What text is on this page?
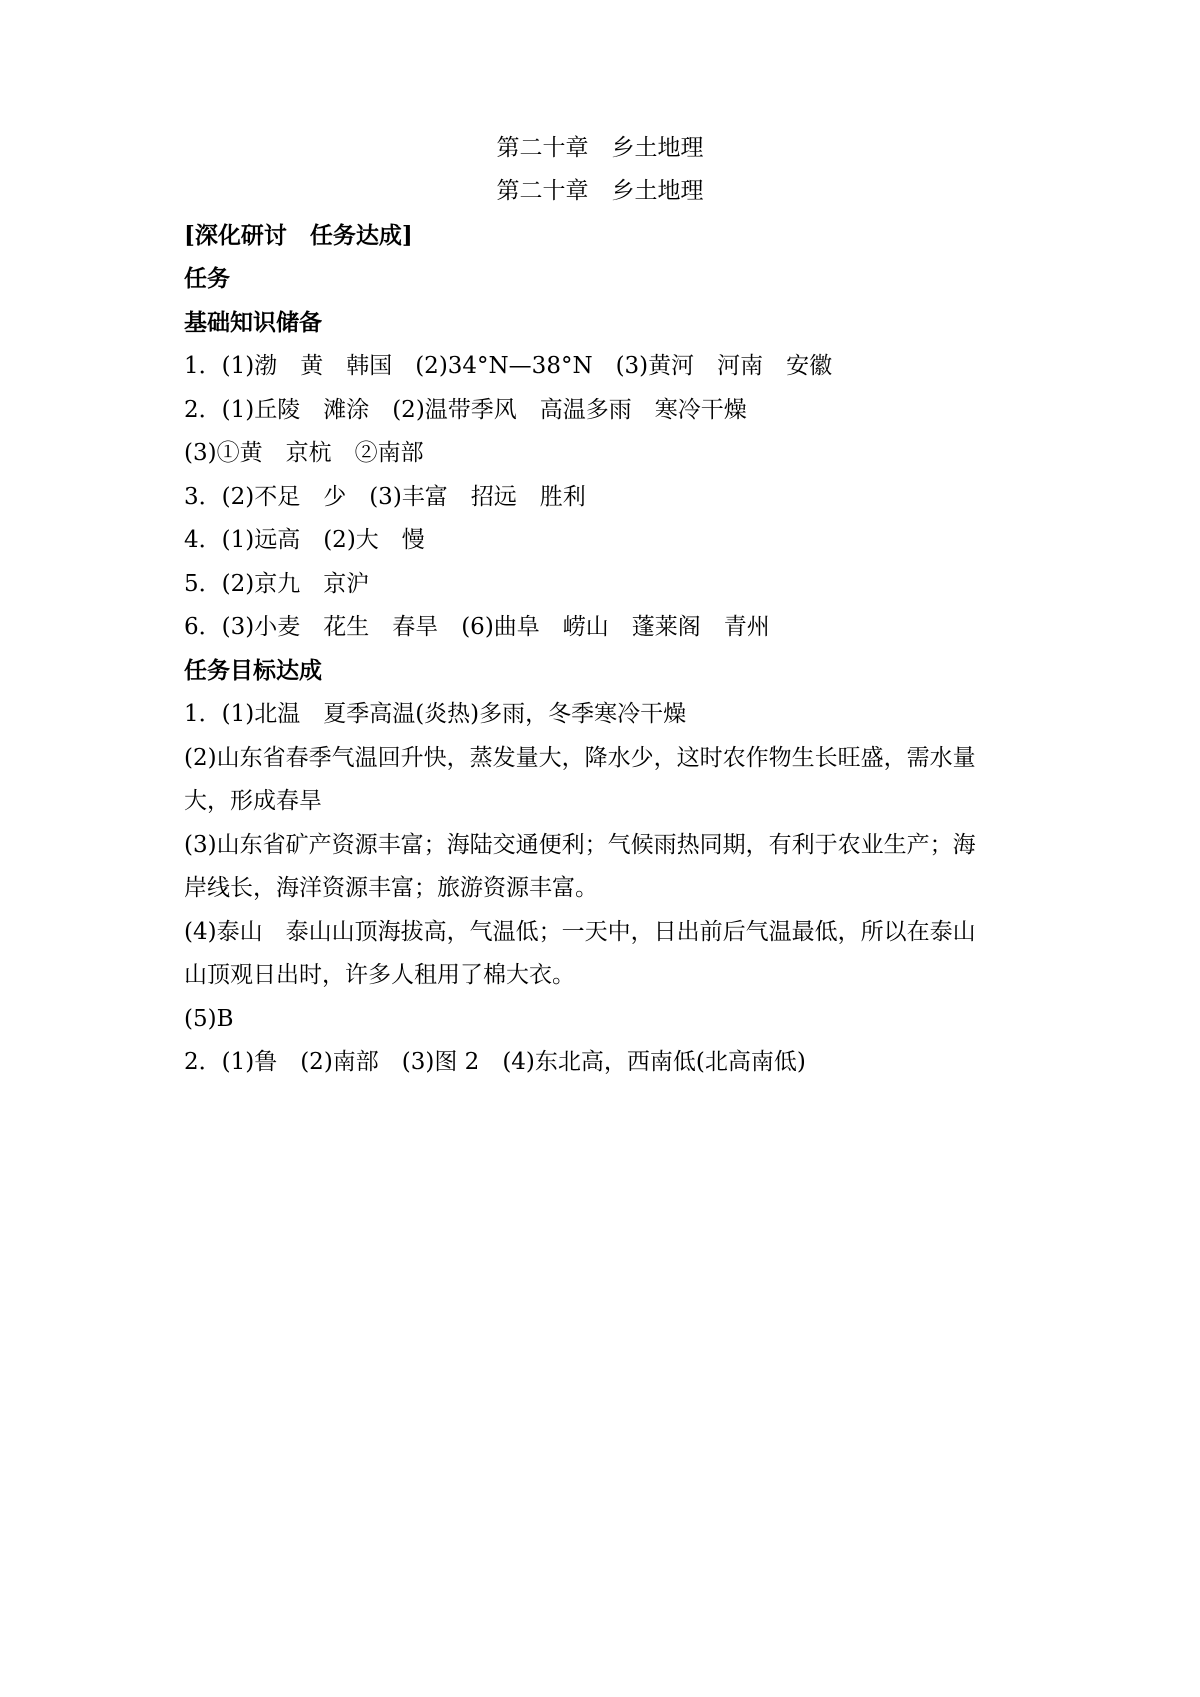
第二十章　乡土地理
第二十章　乡土地理
[深化研讨　任务达成]
任务
基础知识储备
1．(1)渤　黄　韩国　(2)34°N—38°N　(3)黄河　河南　安徽
2．(1)丘陵　滩涂　(2)温带季风　高温多雨　寒冷干燥
(3)①黄　京杭　②南部
3．(2)不足　少　(3)丰富　招远　胜利
4．(1)远高　(2)大　慢
5．(2)京九　京沪
6．(3)小麦　花生　春旱　(6)曲阜　崂山　蓬莱阁　青州
任务目标达成
1．(1)北温　夏季高温(炎热)多雨，冬季寒冷干燥
(2)山东省春季气温回升快，蒸发量大，降水少，这时农作物生长旺盛，需水量
大，形成春旱
(3)山东省矿产资源丰富；海陆交通便利；气候雨热同期，有利于农业生产；海
岸线长，海洋资源丰富；旅游资源丰富。
(4)泰山　泰山山顶海拔高，气温低；一天中，日出前后气温最低，所以在泰山
山顶观日出时，许多人租用了棉大衣。
(5)B
2．(1)鲁　(2)南部　(3)图 2　(4)东北高，西南低(北高南低)
